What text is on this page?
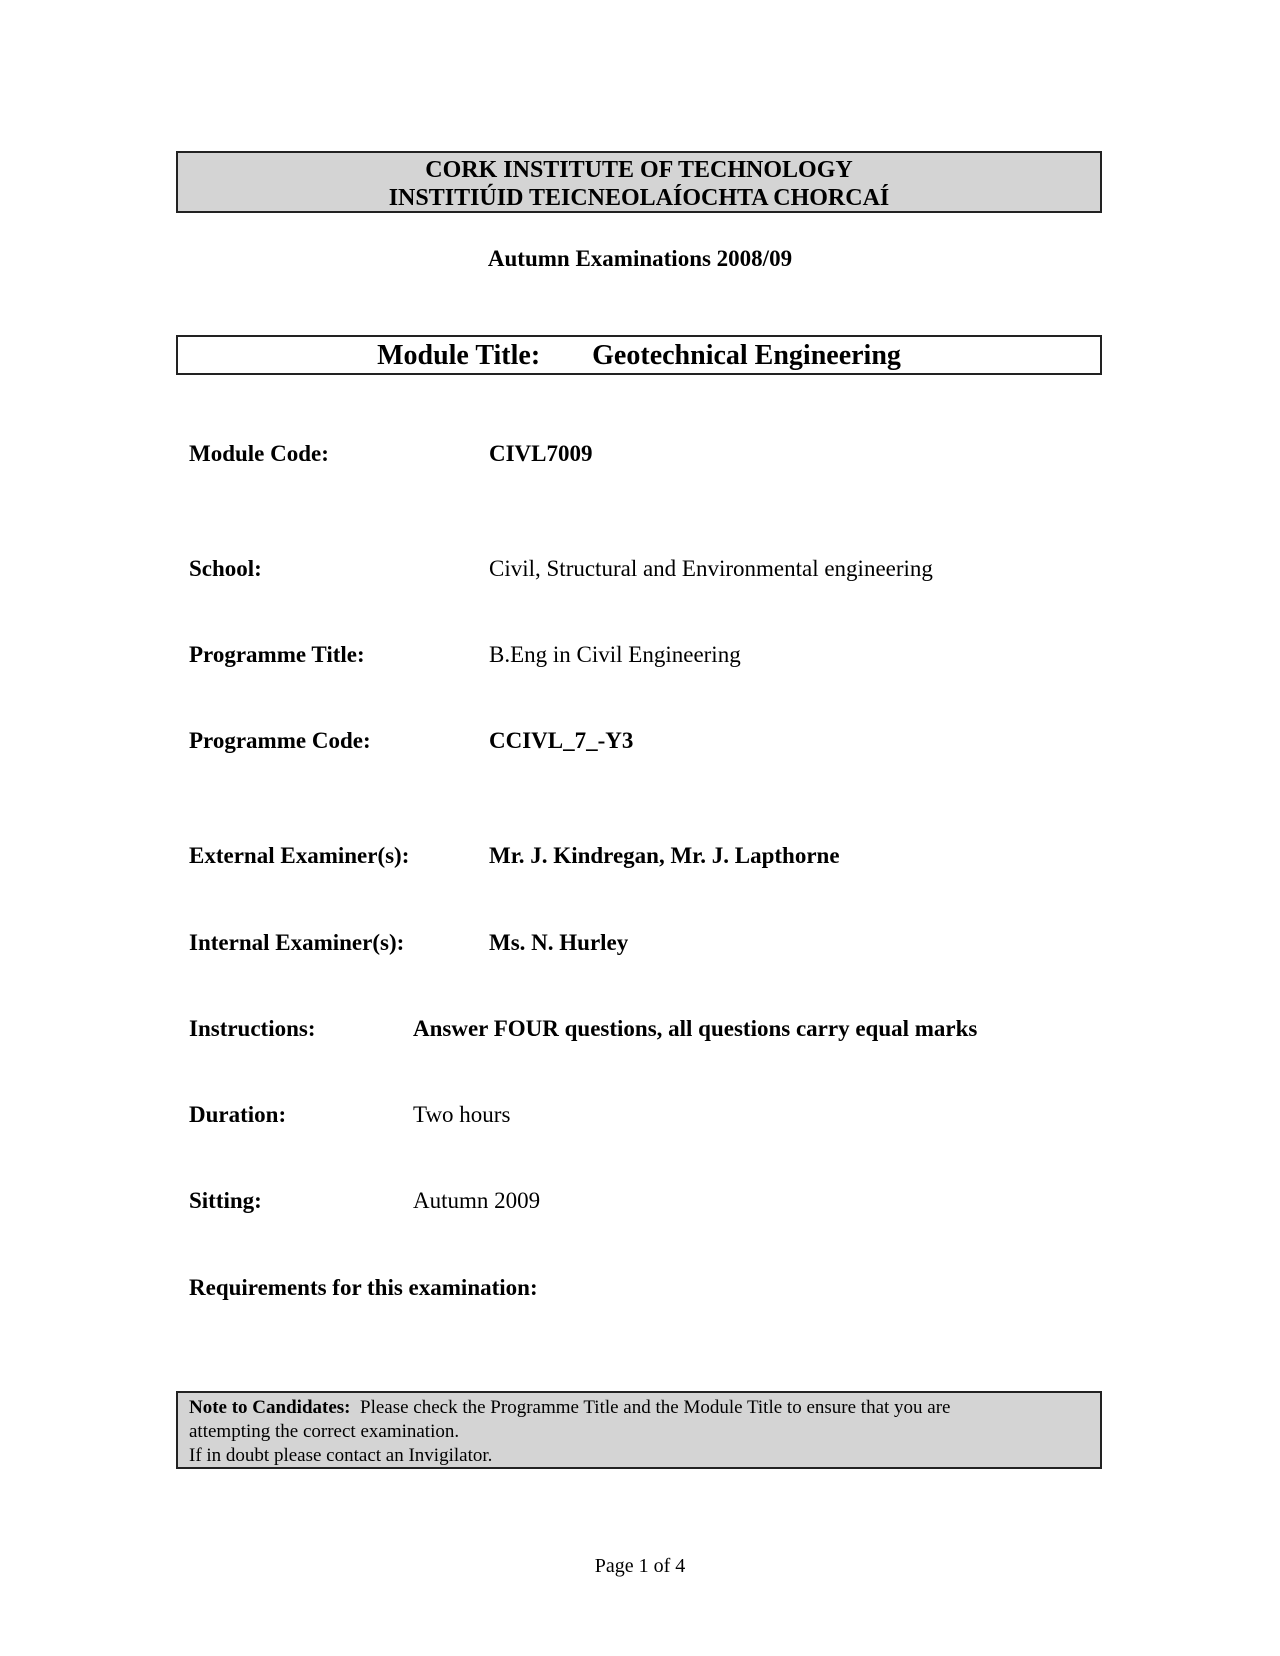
CORK INSTITUTE OF TECHNOLOGY
INSTITIÚID TEICNEOLAÍOCHTA CHORCAÍ
Autumn Examinations 2008/09
Module Title: Geotechnical Engineering
Module Code:	CIVL7009
School:	Civil, Structural and Environmental engineering
Programme Title:	B.Eng in Civil Engineering
Programme Code:	CCIVL_7_-Y3
External Examiner(s):	Mr. J. Kindregan, Mr. J. Lapthorne
Internal Examiner(s):	Ms. N. Hurley
Instructions:	Answer FOUR questions, all questions carry equal marks
Duration:	Two hours
Sitting:	Autumn 2009
Requirements for this examination:
Note to Candidates: Please check the Programme Title and the Module Title to ensure that you are
attempting the correct examination.
If in doubt please contact an Invigilator.
Page 1 of 4
